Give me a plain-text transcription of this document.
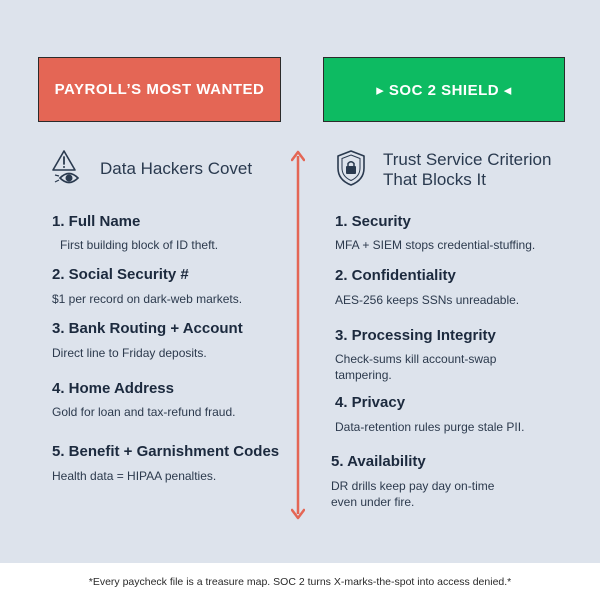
PAYROLL’S MOST WANTED	▸ SOC 2 SHIELD ◂
Data Hackers Covet	Trust Service Criterion
That Blocks It
1. Full Name
First building block of ID theft.
2. Social Security #
$1 per record on dark-web markets.
3. Bank Routing + Account
Direct line to Friday deposits.
4. Home Address
Gold for loan and tax-refund fraud.
5. Benefit + Garnishment Codes
Health data = HIPAA penalties.
1. Security
MFA + SIEM stops credential-stuffing.
2. Confidentiality
AES-256 keeps SSNs unreadable.
3. Processing Integrity
Check-sums kill account-swap
tampering.
4. Privacy
Data-retention rules purge stale PII.
5. Availability
DR drills keep pay day on-time
even under fire.
*Every paycheck file is a treasure map. SOC 2 turns X-marks-the-spot into access denied.*
